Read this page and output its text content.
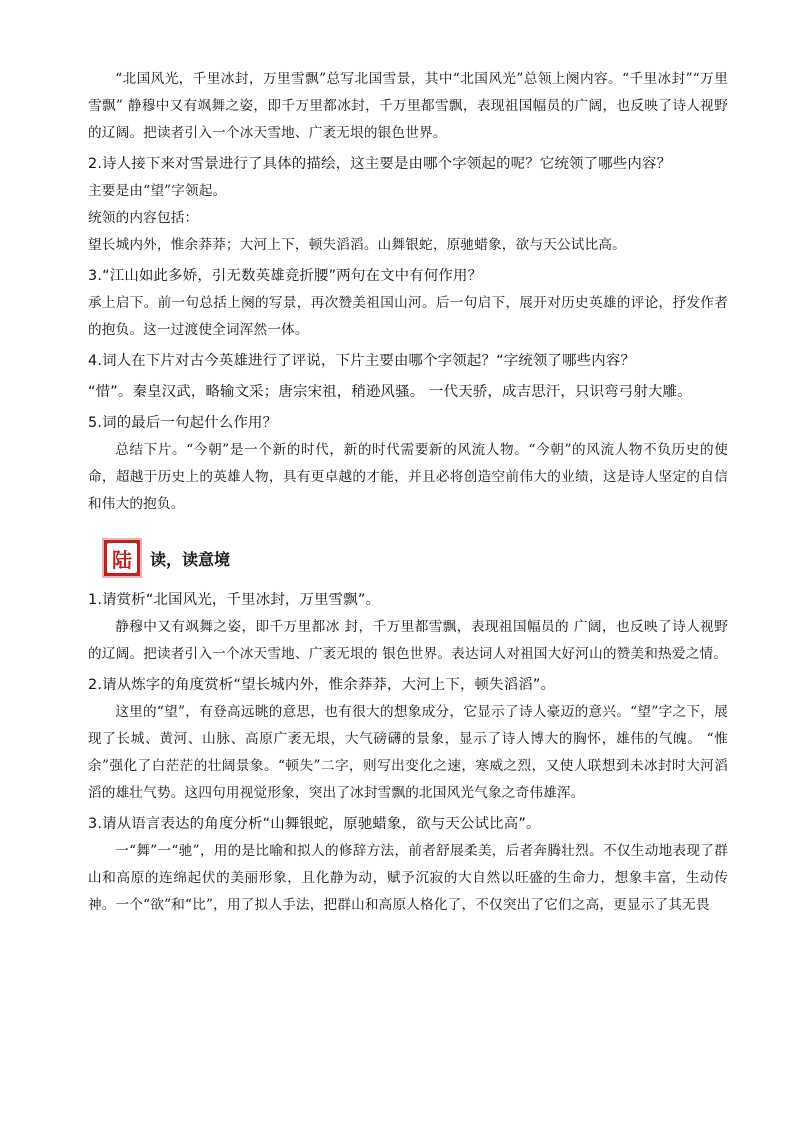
“北国风光，千里冰封，万里雪飘”总写北国雪景，其中“北国风光”总领上阕内容。“千里冰封”“万里雪飘” 静穆中又有飒舞之姿，即千万里都冰封，千万里都雪飘，表现祖国幅员的广阔，也反映了诗人视野的辽阔。把读者引入一个冰天雪地、广袤无垠的银色世界。

2.诗人接下来对雪景进行了具体的描绘，这主要是由哪个字领起的呢？它统领了哪些内容？

主要是由“望”字领起。

统领的内容包括：

望长城内外，惟余莽莽；大河上下，顿失滔滔。山舞银蛇，原驰蜡象，欲与天公试比高。

3.“江山如此多娇，引无数英雄竞折腰”两句在文中有何作用？

承上启下。前一句总括上阕的写景，再次赞美祖国山河。后一句启下，展开对历史英雄的评论，抒发作者的抱负。这一过渡使全词浑然一体。

4.词人在下片对古今英雄进行了评说，下片主要由哪个字领起？“字统领了哪些内容？

“惜”。秦皇汉武，略输文采；唐宗宋祖，稍逊风骚。 一代天骄，成吉思汗，只识弯弓射大雕。

5.词的最后一句起什么作用？

总结下片。“今朝”是一个新的时代，新的时代需要新的风流人物。“今朝”的风流人物不负历史的使命，超越于历史上的英雄人物，具有更卓越的才能，并且必将创造空前伟大的业绩，这是诗人坚定的自信和伟大的抱负。

陆	读，读意境

1.请赏析“北国风光，千里冰封，万里雪飘”。

静穆中又有飒舞之姿，即千万里都冰 封，千万里都雪飘，表现祖国幅员的 广阔，也反映了诗人视野的辽阔。把读者引入一个冰天雪地、广袤无垠的 银色世界。表达词人对祖国大好河山的赞美和热爱之情。

2.请从炼字的角度赏析“望长城内外，惟余莽莽，大河上下，顿失滔滔”。

这里的“望”，有登高远眺的意思，也有很大的想象成分，它显示了诗人豪迈的意兴。“望”字之下，展现了长城、黄河、山脉、高原广袤无垠，大气磅礴的景象，显示了诗人博大的胸怀，雄伟的气魄。 “惟余”强化了白茫茫的壮阔景象。“顿失”二字，则写出变化之速，寒威之烈，又使人联想到未冰封时大河滔滔的雄壮气势。这四句用视觉形象，突出了冰封雪飘的北国风光气象之奇伟雄浑。

3.请从语言表达的角度分析“山舞银蛇，原驰蜡象，欲与天公试比高”。

一“舞”一“驰”，用的是比喻和拟人的修辞方法，前者舒展柔美，后者奔腾壮烈。不仅生动地表现了群山和高原的连绵起伏的美丽形象，且化静为动，赋予沉寂的大自然以旺盛的生命力，想象丰富，生动传神。一个“欲”和“比”，用了拟人手法，把群山和高原人格化了，不仅突出了它们之高，更显示了其无畏
